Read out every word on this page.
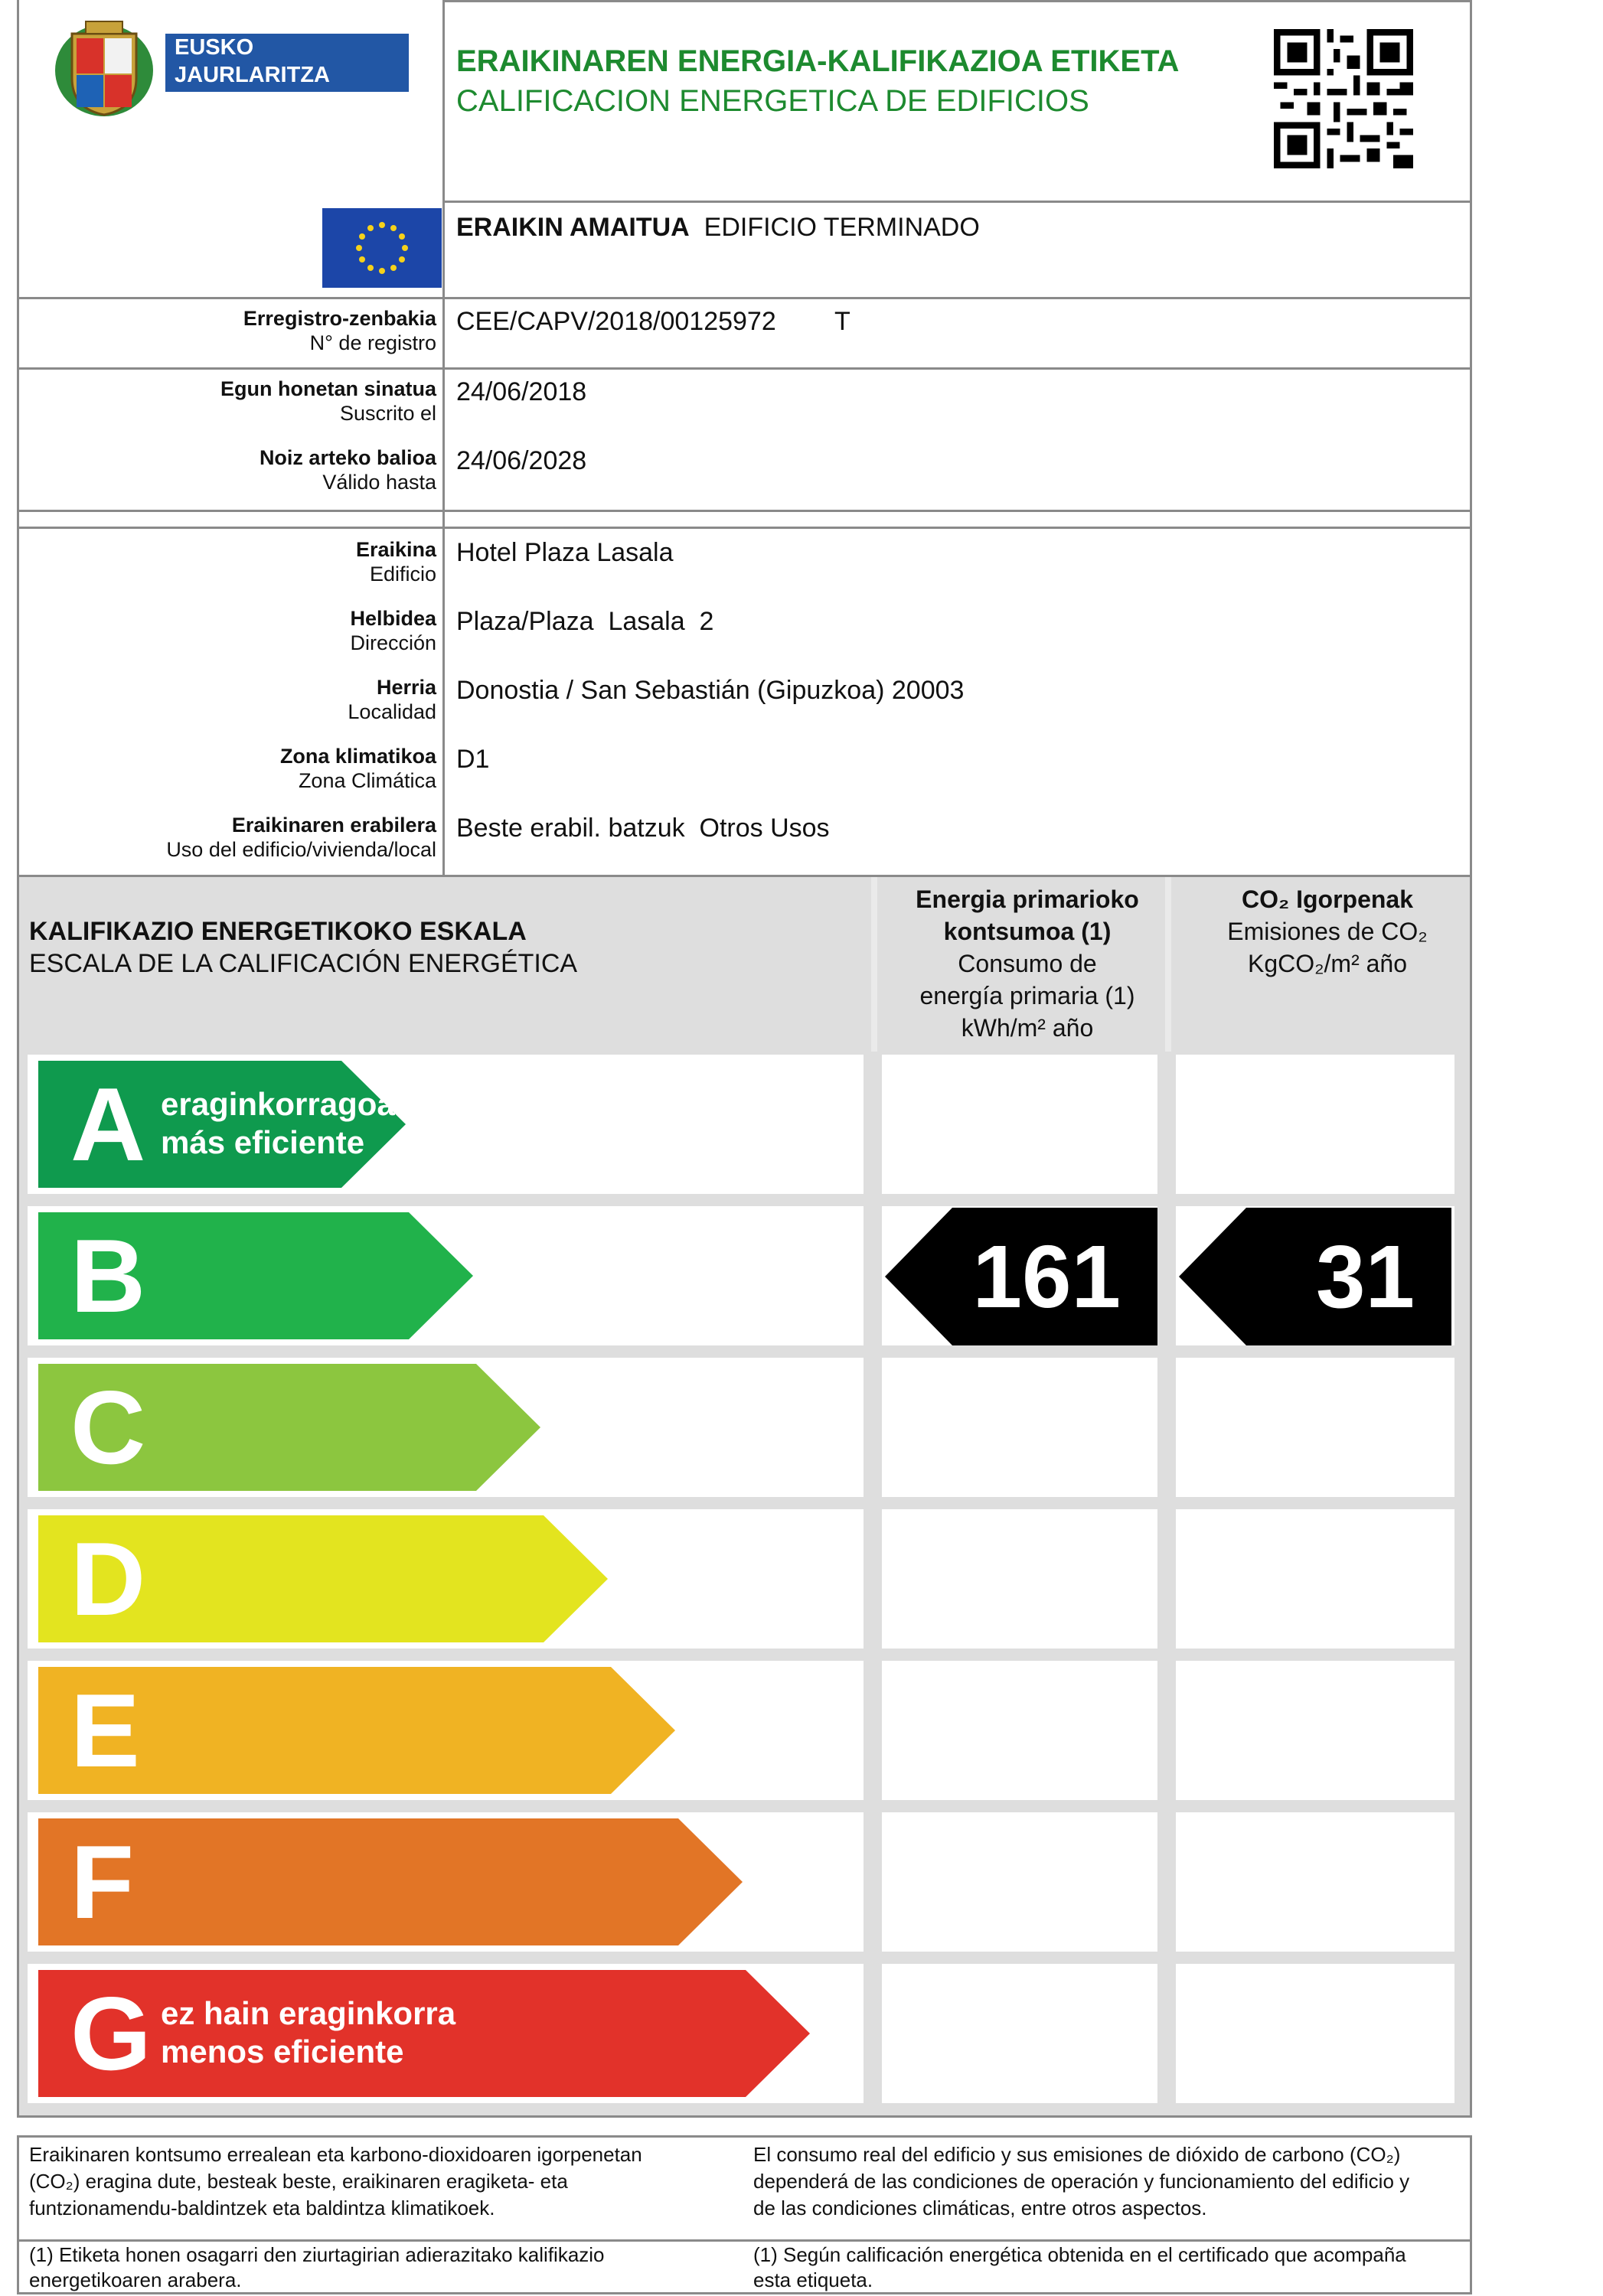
EUSKO JAURLARITZA
GOBIERNO VASCO
ERAIKINAREN ENERGIA-KALIFIKAZIOA ETIKETA
CALIFICACION ENERGETICA DE EDIFICIOS
ERAIKIN AMAITUA EDIFICIO TERMINADO
Erregistro-zenbakia
N° de registro
CEE/CAPV/2018/00125972 T
Egun honetan sinatua
Suscrito el
24/06/2018
Noiz arteko balioa
Válido hasta
24/06/2028
Eraikina
Edificio
Hotel Plaza Lasala
Helbidea
Dirección
Plaza/Plaza  Lasala  2
Herria
Localidad
Donostia / San Sebastián (Gipuzkoa) 20003
Zona klimatikoa
Zona Climática
D1
Eraikinaren erabilera
Uso del edificio/vivienda/local
Beste erabil. batzuk  Otros Usos
KALIFIKAZIO ENERGETIKOKO ESKALA
ESCALA DE LA CALIFICACIÓN ENERGÉTICA
Energia primarioko
kontsumoa (1)
Consumo de
energía primaria (1)
kWh/m² año
CO₂ Igorpenak
Emisiones de CO₂
KgCO₂/m² año
A eraginkorragoa
más eficiente
B	161	31
C
D
E
F
G ez hain eraginkorra
menos eficiente
Eraikinaren kontsumo errealean eta karbono-dioxidoaren igorpenetan
(CO₂) eragina dute, besteak beste, eraikinaren eragiketa- eta
funtzionamendu-baldintzek eta baldintza klimatikoek.
El consumo real del edificio y sus emisiones de dióxido de carbono (CO₂)
dependerá de las condiciones de operación y funcionamiento del edificio y
de las condiciones climáticas, entre otros aspectos.
(1) Etiketa honen osagarri den ziurtagirian adierazitako kalifikazio
energetikoaren arabera.
(1) Según calificación energética obtenida en el certificado que acompaña
esta etiqueta.
